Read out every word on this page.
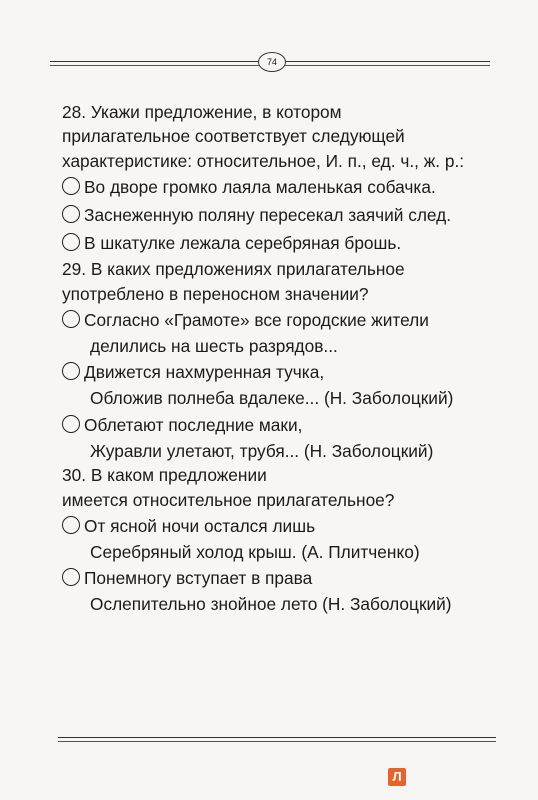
74
28. Укажи предложение, в котором
прилагательное соответствует следующей
характеристике: относительное, И. п., ед. ч., ж. р.:
Во дворе громко лаяла маленькая собачка.
Заснеженную поляну пересекал заячий след.
В шкатулке лежала серебряная брошь.
29. В каких предложениях прилагательное
употреблено в переносном значении?
Согласно «Грамоте» все городские жители
делились на шесть разрядов...
Движется нахмуренная тучка,
Обложив полнеба вдалеке... (Н. Заболоцкий)
Облетают последние маки,
Журавли улетают, трубя... (Н. Заболоцкий)
30. В каком предложении
имеется относительное прилагательное?
От ясной ночи остался лишь
Серебряный холод крыш. (А. Плитченко)
Понемногу вступает в права
Ослепительно знойное лето (Н. Заболоцкий)
Л
